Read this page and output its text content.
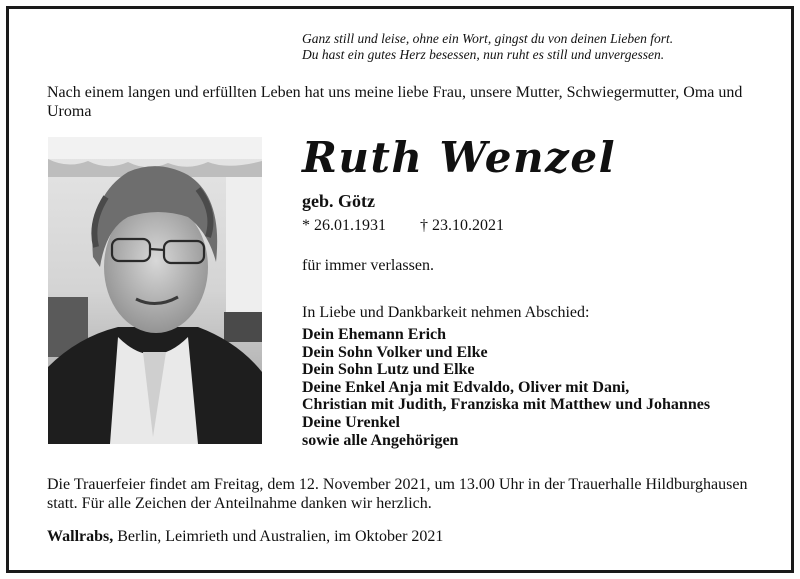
Ganz still und leise, ohne ein Wort, gingst du von deinen Lieben fort.
Du hast ein gutes Herz besessen, nun ruht es still und unvergessen.
Nach einem langen und erfüllten Leben hat uns meine liebe Frau, unsere Mutter, Schwiegermutter, Oma und Uroma
Ruth Wenzel
geb. Götz
* 26.01.1931 † 23.10.2021
für immer verlassen.
In Liebe und Dankbarkeit nehmen Abschied:
Dein Ehemann Erich
Dein Sohn Volker und Elke
Dein Sohn Lutz und Elke
Deine Enkel Anja mit Edvaldo, Oliver mit Dani,
Christian mit Judith, Franziska mit Matthew und Johannes
Deine Urenkel
sowie alle Angehörigen
Die Trauerfeier findet am Freitag, dem 12. November 2021, um 13.00 Uhr in der Trauerhalle Hildburghausen statt. Für alle Zeichen der Anteilnahme danken wir herzlich.
Wallrabs, Berlin, Leimrieth und Australien, im Oktober 2021
